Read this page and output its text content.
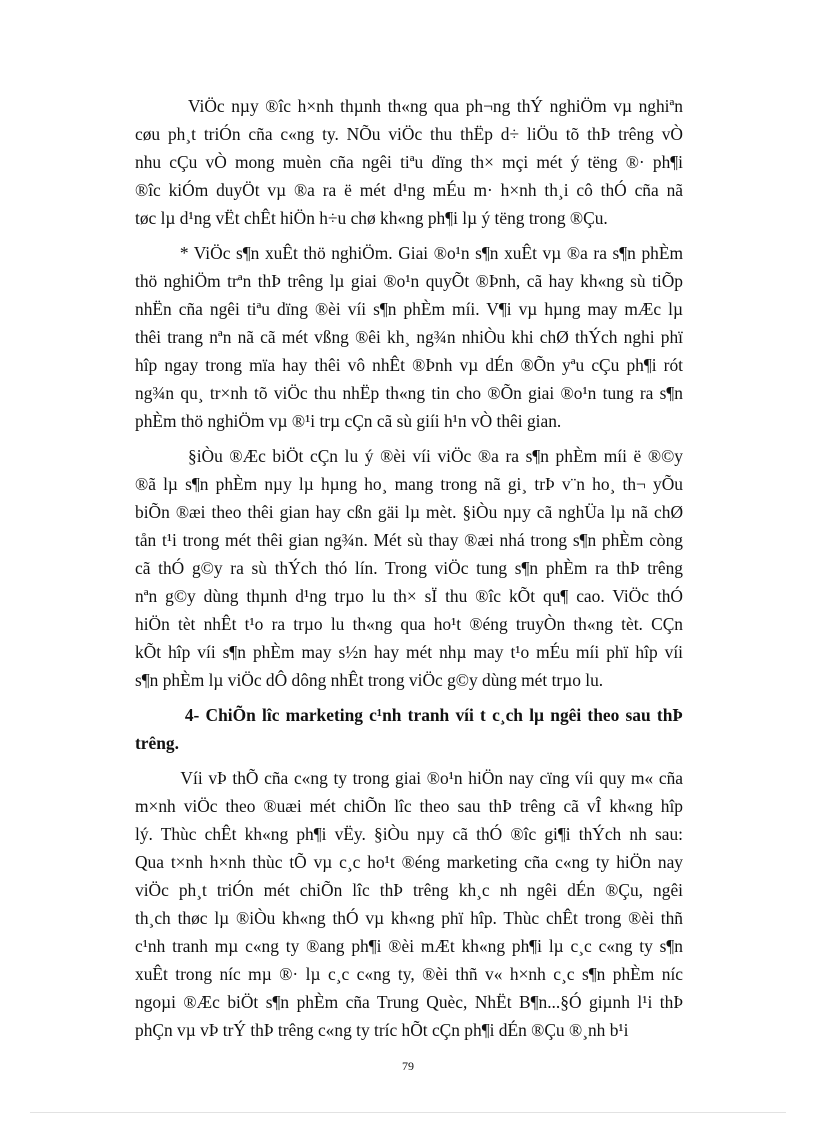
ViÖc nµy ®îc h×nh thµnh th«ng qua ph¬ng thÝ nghiÖm vµ nghiªn
cøu ph¸t triÓn cña c«ng ty. NÕu viÖc thu thËp d÷ liÖu tõ thÞ trêng vÒ
nhu cÇu vÒ mong muèn cña ngêi tiªu dïng th× mçi mét ý tëng ®· ph¶i
®îc kiÓm duyÖt vµ ®a ra ë mét d¹ng mÉu m· h×nh th¸i cô thÓ cña nã
tøc lµ d¹ng vËt chÊt hiÖn h÷u chø kh«ng ph¶i lµ ý tëng trong ®Çu.
* ViÖc s¶n xuÊt thö nghiÖm. Giai ®o¹n s¶n xuÊt vµ ®a ra s¶n phÈm
thö nghiÖm trªn thÞ trêng lµ giai ®o¹n quyÕt ®Þnh, cã hay kh«ng sù tiÕp
nhËn cña ngêi tiªu dïng ®èi víi s¶n phÈm míi. V¶i vµ hµng may mÆc lµ
thêi trang nªn nã cã mét vßng ®êi kh¸ ng¾n nhiÒu khi chØ thÝch nghi phï
hîp ngay trong mïa hay thêi vô nhÊt ®Þnh vµ dÉn ®Õn yªu cÇu ph¶i rót
ng¾n qu¸ tr×nh tõ viÖc thu nhËp th«ng tin cho ®Õn giai ®o¹n tung ra s¶n
phÈm thö nghiÖm vµ ®¹i trµ cÇn cã sù giíi h¹n vÒ thêi gian.
§iÒu ®Æc biÖt cÇn lu ý ®èi víi viÖc ®a ra s¶n phÈm míi ë ®©y
®ã lµ s¶n phÈm nµy lµ hµng ho¸ mang trong nã gi¸ trÞ v¨n ho¸ th¬ yÕu
biÕn ®æi theo thêi gian hay cßn gäi lµ mèt. §iÒu nµy cã nghÜa lµ nã chØ
tån t¹i trong mét thêi gian ng¾n. Mét sù thay ®æi nhá trong s¶n phÈm còng
cã thÓ g©y ra sù thÝch thó lín. Trong viÖc tung s¶n phÈm ra thÞ trêng
nªn g©y dùng thµnh d¹ng trµo lu th× sÏ thu ®îc kÕt qu¶ cao. ViÖc thÓ
hiÖn tèt nhÊt t¹o ra trµo lu th«ng qua ho¹t ®éng truyÒn th«ng tèt. CÇn
kÕt hîp víi s¶n phÈm may s½n hay mét nhµ may t¹o mÉu míi phï hîp víi
s¶n phÈm lµ viÖc dÔ dông nhÊt trong viÖc g©y dùng mét trµo lu.
4- ChiÕn lîc marketing c¹nh tranh víi t c¸ch lµ ngêi theo sau thÞ
trêng.
Víi vÞ thÕ cña c«ng ty trong giai ®o¹n hiÖn nay cïng víi quy m« cña
m×nh viÖc theo ®uæi mét chiÕn lîc theo sau thÞ trêng cã vÎ kh«ng hîp
lý. Thùc chÊt kh«ng ph¶i vËy. §iÒu nµy cã thÓ ®îc gi¶i thÝch nh sau:
Qua t×nh h×nh thùc tÕ vµ c¸c ho¹t ®éng marketing cña c«ng ty hiÖn nay
viÖc ph¸t triÓn mét chiÕn lîc thÞ trêng kh¸c nh ngêi dÉn ®Çu, ngêi
th¸ch thøc lµ ®iÒu kh«ng thÓ vµ kh«ng phï hîp. Thùc chÊt trong ®èi thñ
c¹nh tranh mµ c«ng ty ®ang ph¶i ®èi mÆt kh«ng ph¶i lµ c¸c c«ng ty s¶n
xuÊt trong níc mµ ®· lµ c¸c c«ng ty, ®èi thñ v« h×nh c¸c s¶n phÈm níc
ngoµi ®Æc biÖt s¶n phÈm cña Trung Quèc, NhËt B¶n...§Ó giµnh l¹i thÞ
phÇn vµ vÞ trÝ thÞ trêng c«ng ty tríc hÕt cÇn ph¶i dÉn ®Çu ®¸nh b¹i
79
